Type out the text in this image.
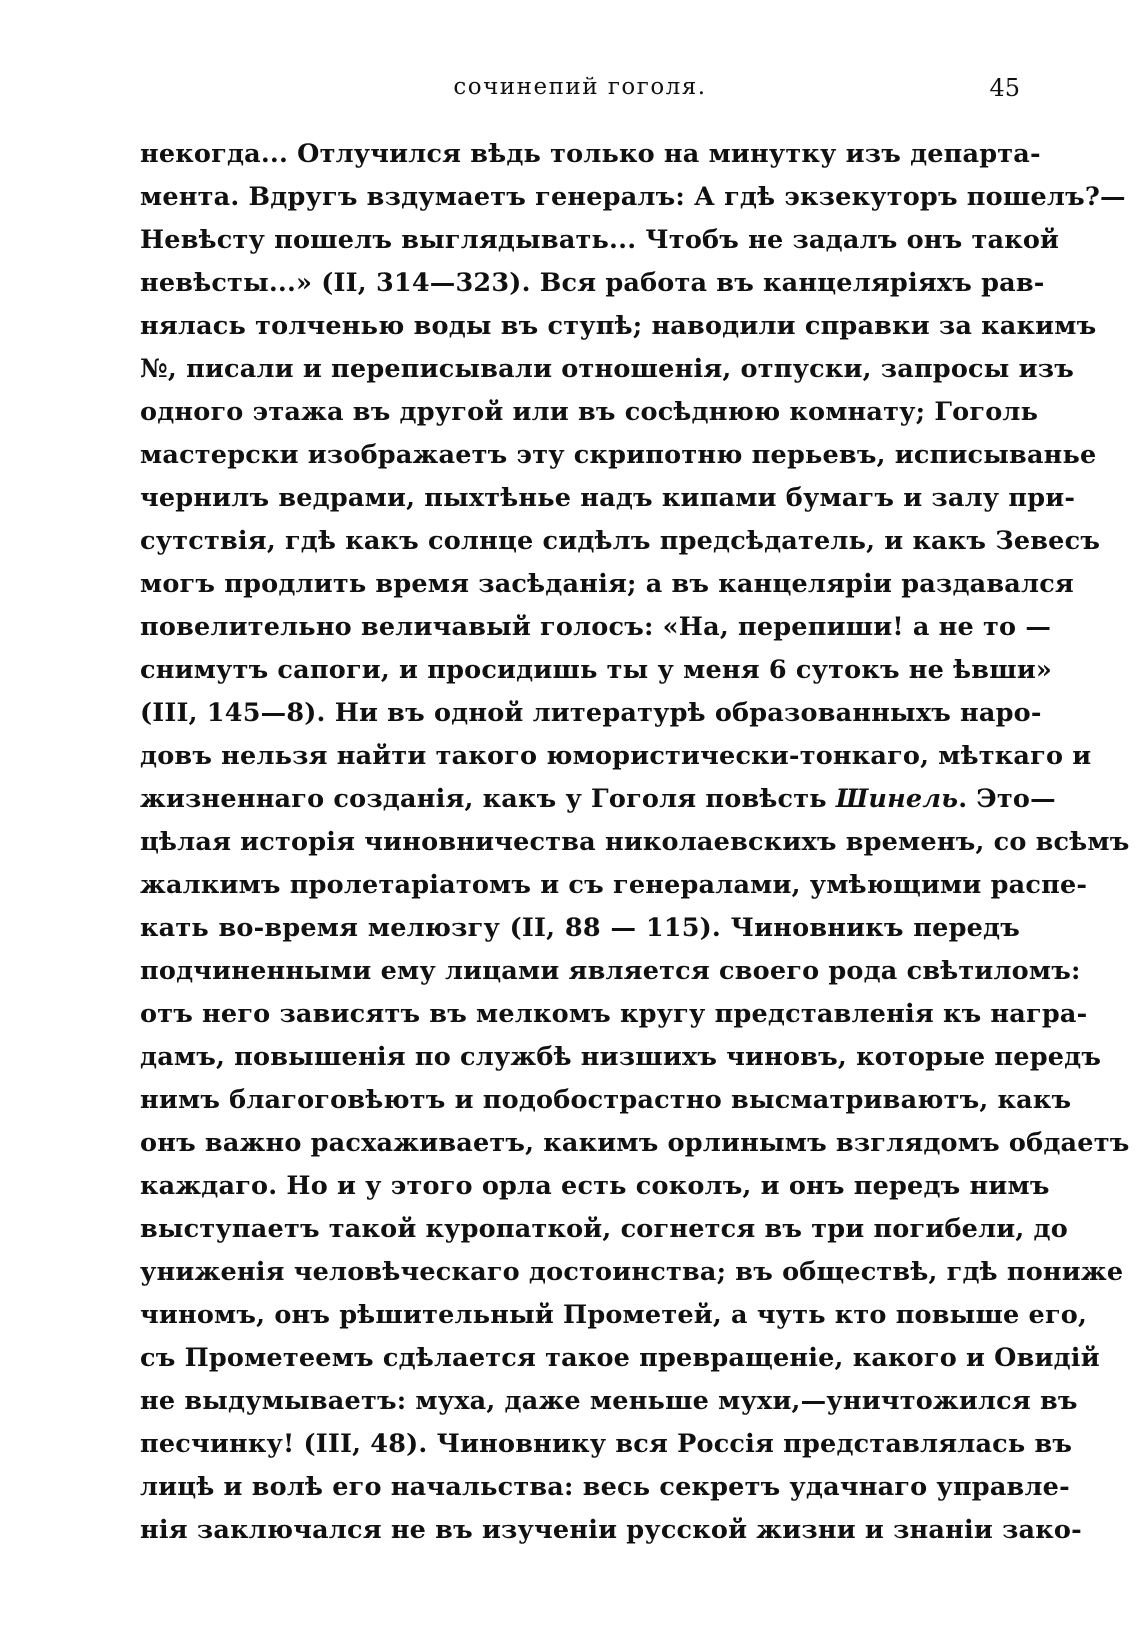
сочинепий гоголя.	45
некогда... Отлучился вѣдь только на минутку изъ департа-
мента. Вдругъ вздумаетъ генералъ: А гдѣ экзекуторъ пошелъ?—
Невѣсту пошелъ выглядывать... Чтобъ не задалъ онъ такой
невѣсты...» (II, 314—323). Вся работа въ канцеляріяхъ рав-
нялась толченью воды въ ступѣ; наводили справки за какимъ
№, писали и переписывали отношенія, отпуски, запросы изъ
одного этажа въ другой или въ сосѣднюю комнату; Гоголь
мастерски изображаетъ эту скрипотню перьевъ, исписыванье
чернилъ ведрами, пыхтѣнье надъ кипами бумагъ и залу при-
сутствія, гдѣ какъ солнце сидѣлъ предсѣдатель, и какъ Зевесъ
могъ продлить время засѣданія; а въ канцеляріи раздавался
повелительно величавый голосъ: «На, перепиши! а не то —
снимутъ сапоги, и просидишь ты у меня 6 сутокъ не ѣвши»
(III, 145—8). Ни въ одной литературѣ образованныхъ наро-
довъ нельзя найти такого юмористически-тонкаго, мѣткаго и
жизненнаго созданія, какъ у Гоголя повѣсть Шинель. Это—
цѣлая исторія чиновничества николаевскихъ временъ, со всѣмъ
жалкимъ пролетаріатомъ и съ генералами, умѣющими распе-
кать во-время мелюзгу (II, 88 — 115). Чиновникъ передъ
подчиненными ему лицами является своего рода свѣтиломъ:
отъ него зависятъ въ мелкомъ кругу представленія къ награ-
дамъ, повышенія по службѣ низшихъ чиновъ, которые передъ
нимъ благоговѣютъ и подобострастно высматриваютъ, какъ
онъ важно расхаживаетъ, какимъ орлинымъ взглядомъ обдаетъ
каждаго. Но и у этого орла есть соколъ, и онъ передъ нимъ
выступаетъ такой куропаткой, согнется въ три погибели, до
униженія человѣческаго достоинства; въ обществѣ, гдѣ пониже
чиномъ, онъ рѣшительный Прометей, а чуть кто повыше его,
съ Прометеемъ сдѣлается такое превращеніе, какого и Овидій
не выдумываетъ: муха, даже меньше мухи,—уничтожился въ
песчинку! (III, 48). Чиновнику вся Россія представлялась въ
лицѣ и волѣ его начальства: весь секретъ удачнаго управле-
нія заключался не въ изученіи русской жизни и знаніи зако-
